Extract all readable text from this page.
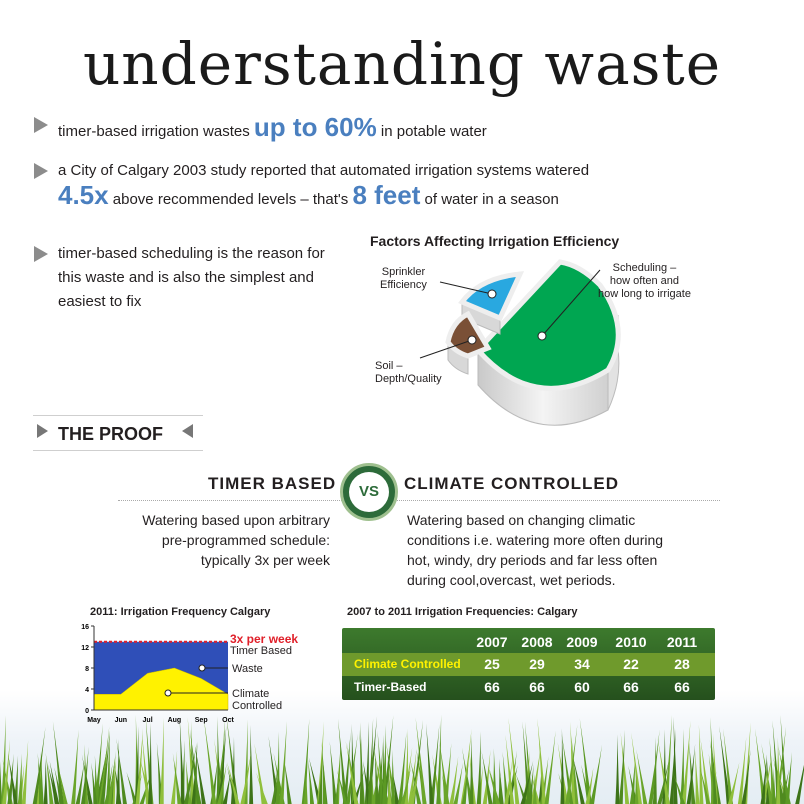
understanding waste
timer-based irrigation wastes up to 60% in potable water
a City of Calgary 2003 study reported that automated irrigation systems watered
4.5x above recommended levels – that's 8 feet of water in a season
timer-based scheduling is the reason for
this waste and is also the simplest and
easiest to fix
Factors Affecting Irrigation Efficiency
Sprinkler
Efficiency
Scheduling –
how often and
how long to irrigate
Soil –
Depth/Quality
THE PROOF
TIMER BASED	VS	CLIMATE CONTROLLED
Watering based upon arbitrary
pre-programmed schedule:
typically 3x per week
Watering based on changing climatic
conditions i.e. watering more often during
hot, windy, dry periods and far less often
during cool,overcast, wet periods.
2011: Irrigation Frequency Calgary
0
4
8
12
16
May Jun Jul Aug Sep Oct
3x per week
Timer Based
Waste
Climate
Controlled
2007 to 2011 Irrigation Frequencies: Calgary
2007 2008 2009 2010 2011
Climate Controlled	25	29	34	22	28
Timer-Based	66	66	60	66	66
